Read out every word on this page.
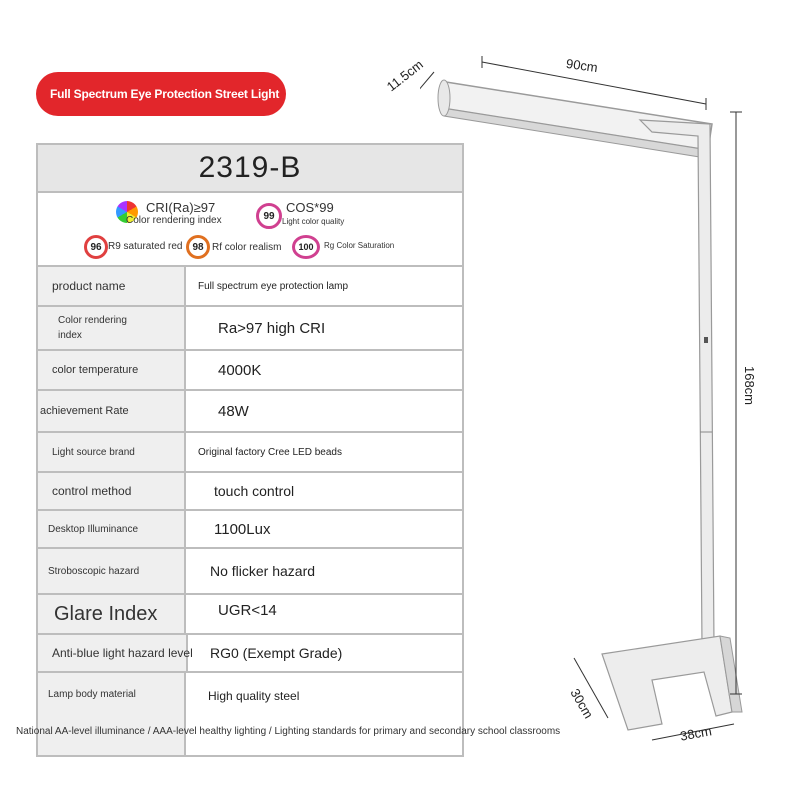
Full Spectrum Eye Protection Street Light
2319-B
CRI(Ra)≥97
Color rendering index	99
COS*99
Light color quality
96 R9 saturated red 98 Rf color realism	100	Rg Color Saturation
product name	Full spectrum eye protection lamp
Color rendering index	Ra>97 high CRI
color temperature	4000K
achievement Rate	48W
Light source brand	Original factory Cree LED beads
control method	touch control
Desktop Illuminance	1100Lux
Stroboscopic hazard	No flicker hazard
Glare Index	UGR<14
Anti-blue light hazard level RG0 (Exempt Grade)
Lamp body material	High quality steel
National AA-level illuminance / AAA-level healthy lighting / Lighting standards for primary and secondary school classrooms
11.5cm	90cm
168cm
30cm
38cm
